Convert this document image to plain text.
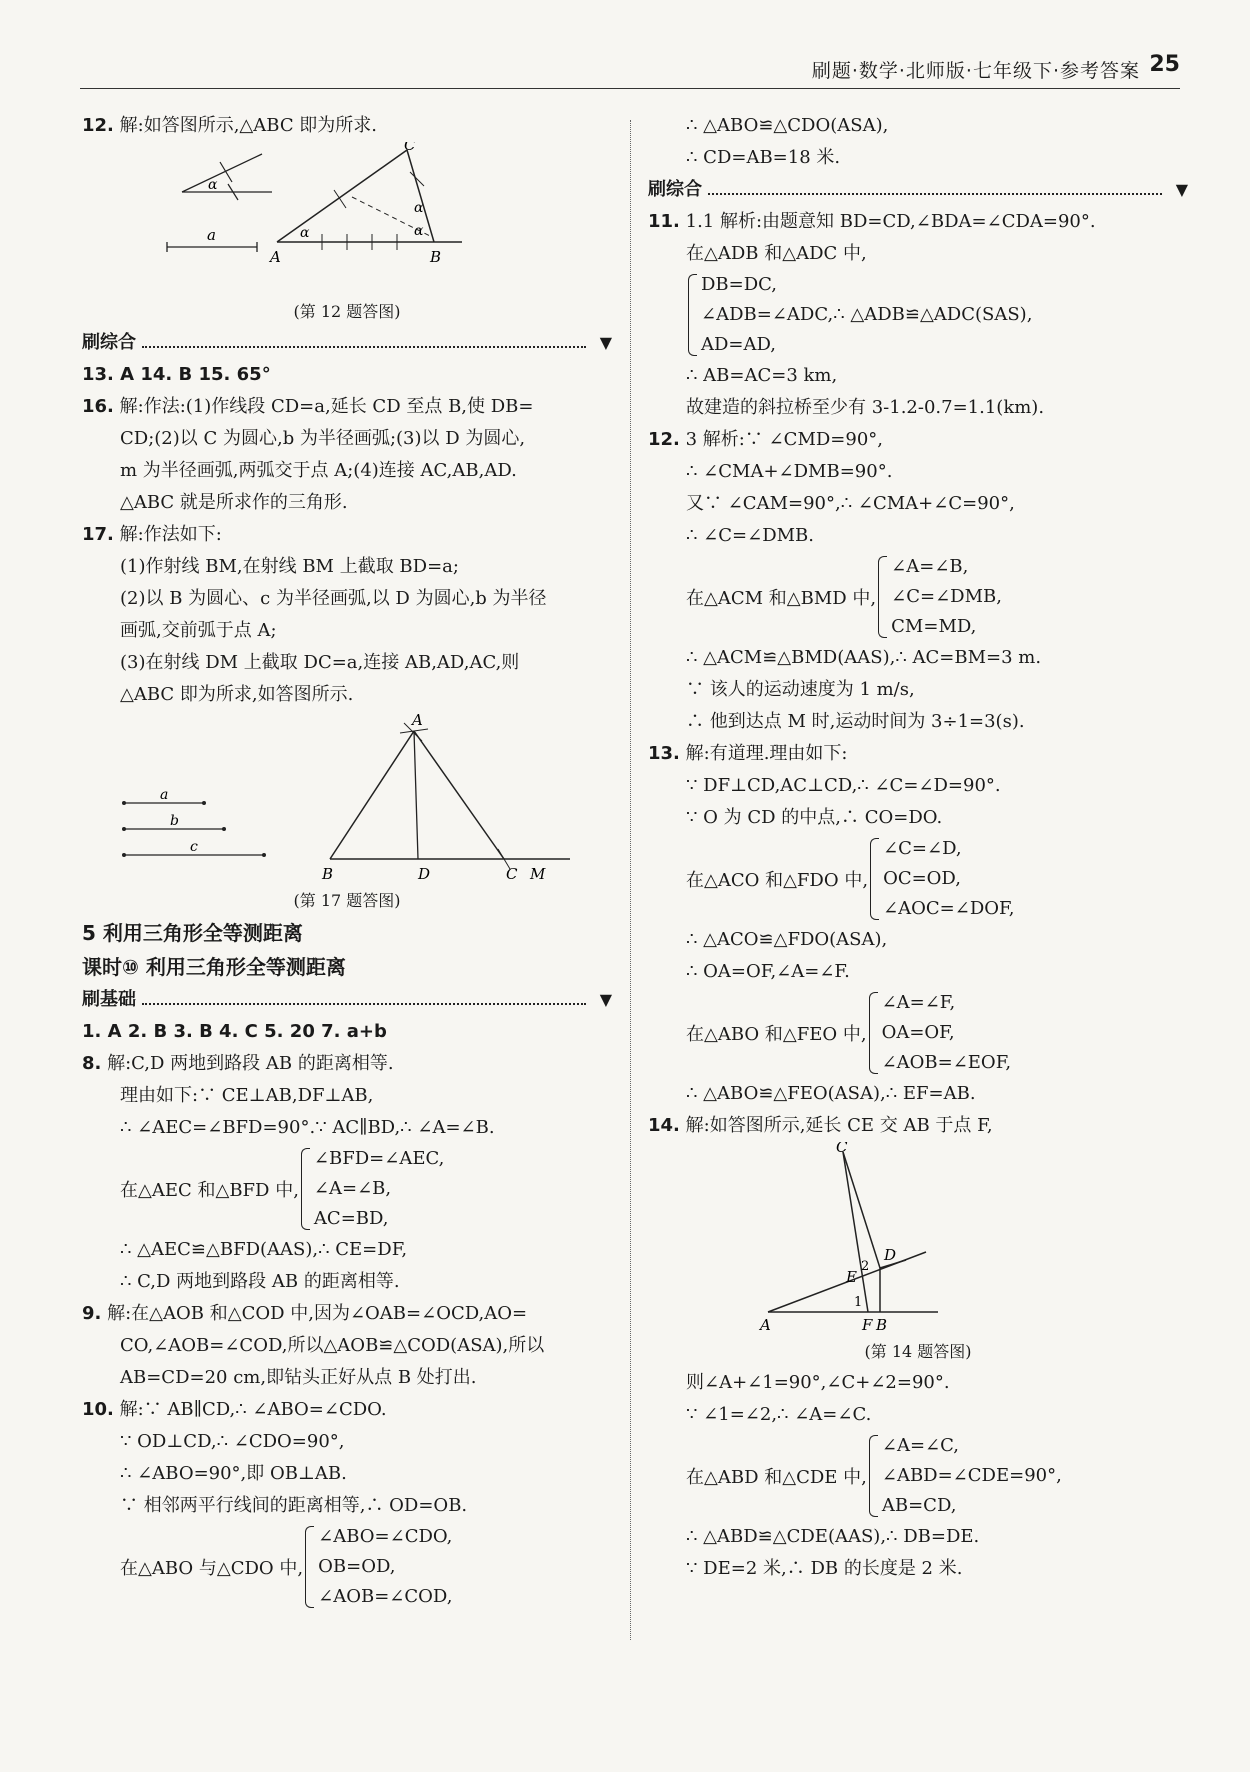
刷题·数学·北师版·七年级下·参考答案 25
12. 解:如答图所示,△ABC 即为所求.
α
a
C
A	B
α
α
α
(第 12 题答图)
刷综合	▼
13. A 14. B 15. 65°
16. 解:作法:(1)作线段 CD=a,延长 CD 至点 B,使 DB=
CD;(2)以 C 为圆心,b 为半径画弧;(3)以 D 为圆心,
m 为半径画弧,两弧交于点 A;(4)连接 AC,AB,AD.
△ABC 就是所求作的三角形.
17. 解:作法如下:
(1)作射线 BM,在射线 BM 上截取 BD=a;
(2)以 B 为圆心、c 为半径画弧,以 D 为圆心,b 为半径
画弧,交前弧于点 A;
(3)在射线 DM 上截取 DC=a,连接 AB,AD,AC,则
△ABC 即为所求,如答图所示.
a
b
c
A
B	D	C M
(第 17 题答图)
5 利用三角形全等测距离
课时⑩ 利用三角形全等测距离
刷基础	▼
1. A 2. B 3. B 4. C 5. 20 7. a+b
8. 解:C,D 两地到路段 AB 的距离相等.
理由如下:∵ CE⊥AB,DF⊥AB,
∴ ∠AEC=∠BFD=90°.∵ AC∥BD,∴ ∠A=∠B.
在△AEC 和△BFD 中,
∠BFD=∠AEC,
∠A=∠B,
AC=BD,
∴ △AEC≌△BFD(AAS),∴ CE=DF,
∴ C,D 两地到路段 AB 的距离相等.
9. 解:在△AOB 和△COD 中,因为∠OAB=∠OCD,AO=
CO,∠AOB=∠COD,所以△AOB≌△COD(ASA),所以
AB=CD=20 cm,即钻头正好从点 B 处打出.
10. 解:∵ AB∥CD,∴ ∠ABO=∠CDO.
∵ OD⊥CD,∴ ∠CDO=90°,
∴ ∠ABO=90°,即 OB⊥AB.
∵ 相邻两平行线间的距离相等,∴ OD=OB.
在△ABO 与△CDO 中,
∠ABO=∠CDO,
OB=OD,
∠AOB=∠COD,
∴ △ABO≌△CDO(ASA),
∴ CD=AB=18 米.
刷综合	▼
11. 1.1 解析:由题意知 BD=CD,∠BDA=∠CDA=90°.
在△ADB 和△ADC 中,
DB=DC,
∠ADB=∠ADC,∴ △ADB≌△ADC(SAS),
AD=AD,
∴ AB=AC=3 km,
故建造的斜拉桥至少有 3-1.2-0.7=1.1(km).
12. 3 解析:∵ ∠CMD=90°,
∴ ∠CMA+∠DMB=90°.
又∵ ∠CAM=90°,∴ ∠CMA+∠C=90°,
∴ ∠C=∠DMB.
在△ACM 和△BMD 中,
∠A=∠B,
∠C=∠DMB,
CM=MD,
∴ △ACM≌△BMD(AAS),∴ AC=BM=3 m.
∵ 该人的运动速度为 1 m/s,
∴ 他到达点 M 时,运动时间为 3÷1=3(s).
13. 解:有道理.理由如下:
∵ DF⊥CD,AC⊥CD,∴ ∠C=∠D=90°.
∵ O 为 CD 的中点,∴ CO=DO.
在△ACO 和△FDO 中,
∠C=∠D,
OC=OD,
∠AOC=∠DOF,
∴ △ACO≌△FDO(ASA),
∴ OA=OF,∠A=∠F.
在△ABO 和△FEO 中,
∠A=∠F,
OA=OF,
∠AOB=∠EOF,
∴ △ABO≌△FEO(ASA),∴ EF=AB.
14. 解:如答图所示,延长 CE 交 AB 于点 F,
C
D
E
A	F B
1
2
(第 14 题答图)
则∠A+∠1=90°,∠C+∠2=90°.
∵ ∠1=∠2,∴ ∠A=∠C.
在△ABD 和△CDE 中,
∠A=∠C,
∠ABD=∠CDE=90°,
AB=CD,
∴ △ABD≌△CDE(AAS),∴ DB=DE.
∵ DE=2 米,∴ DB 的长度是 2 米.
